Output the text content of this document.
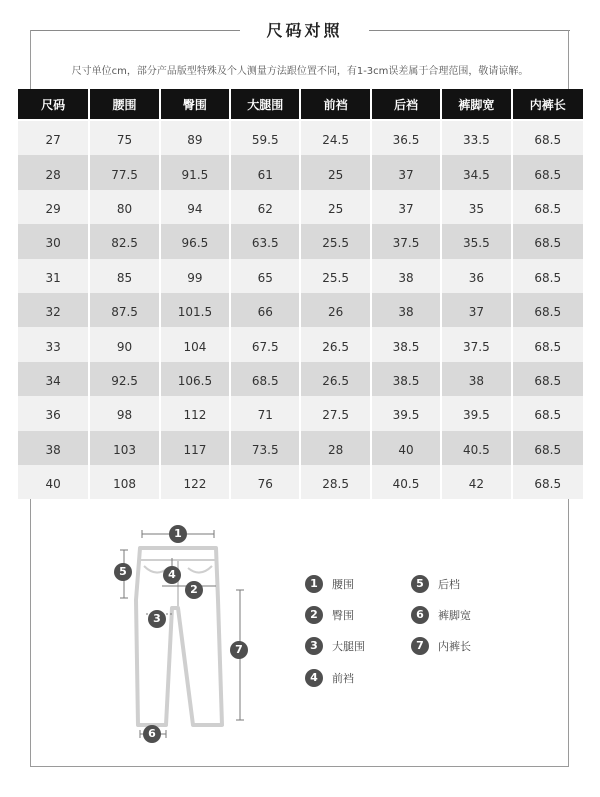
尺码对照
尺寸单位cm，部分产品版型特殊及个人测量方法跟位置不同，有1-3cm误差属于合理范围，敬请谅解。
尺码	腰围	臀围	大腿围	前裆	后裆	裤脚宽	内裤长
27	75	89	59.5	24.5	36.5	33.5	68.5
28	77.5	91.5	61	25	37	34.5	68.5
29	80	94	62	25	37	35	68.5
30	82.5	96.5	63.5	25.5	37.5	35.5	68.5
31	85	99	65	25.5	38	36	68.5
32	87.5	101.5	66	26	38	37	68.5
33	90	104	67.5	26.5	38.5	37.5	68.5
34	92.5	106.5	68.5	26.5	38.5	38	68.5
36	98	112	71	27.5	39.5	39.5	68.5
38	103	117	73.5	28	40	40.5	68.5
40	108	122	76	28.5	40.5	42	68.5
1
5	4
2
3
7
6
1	腰围
2	臀围
3	大腿围
4	前裆
5	后档
6	裤脚宽
7	内裤长
